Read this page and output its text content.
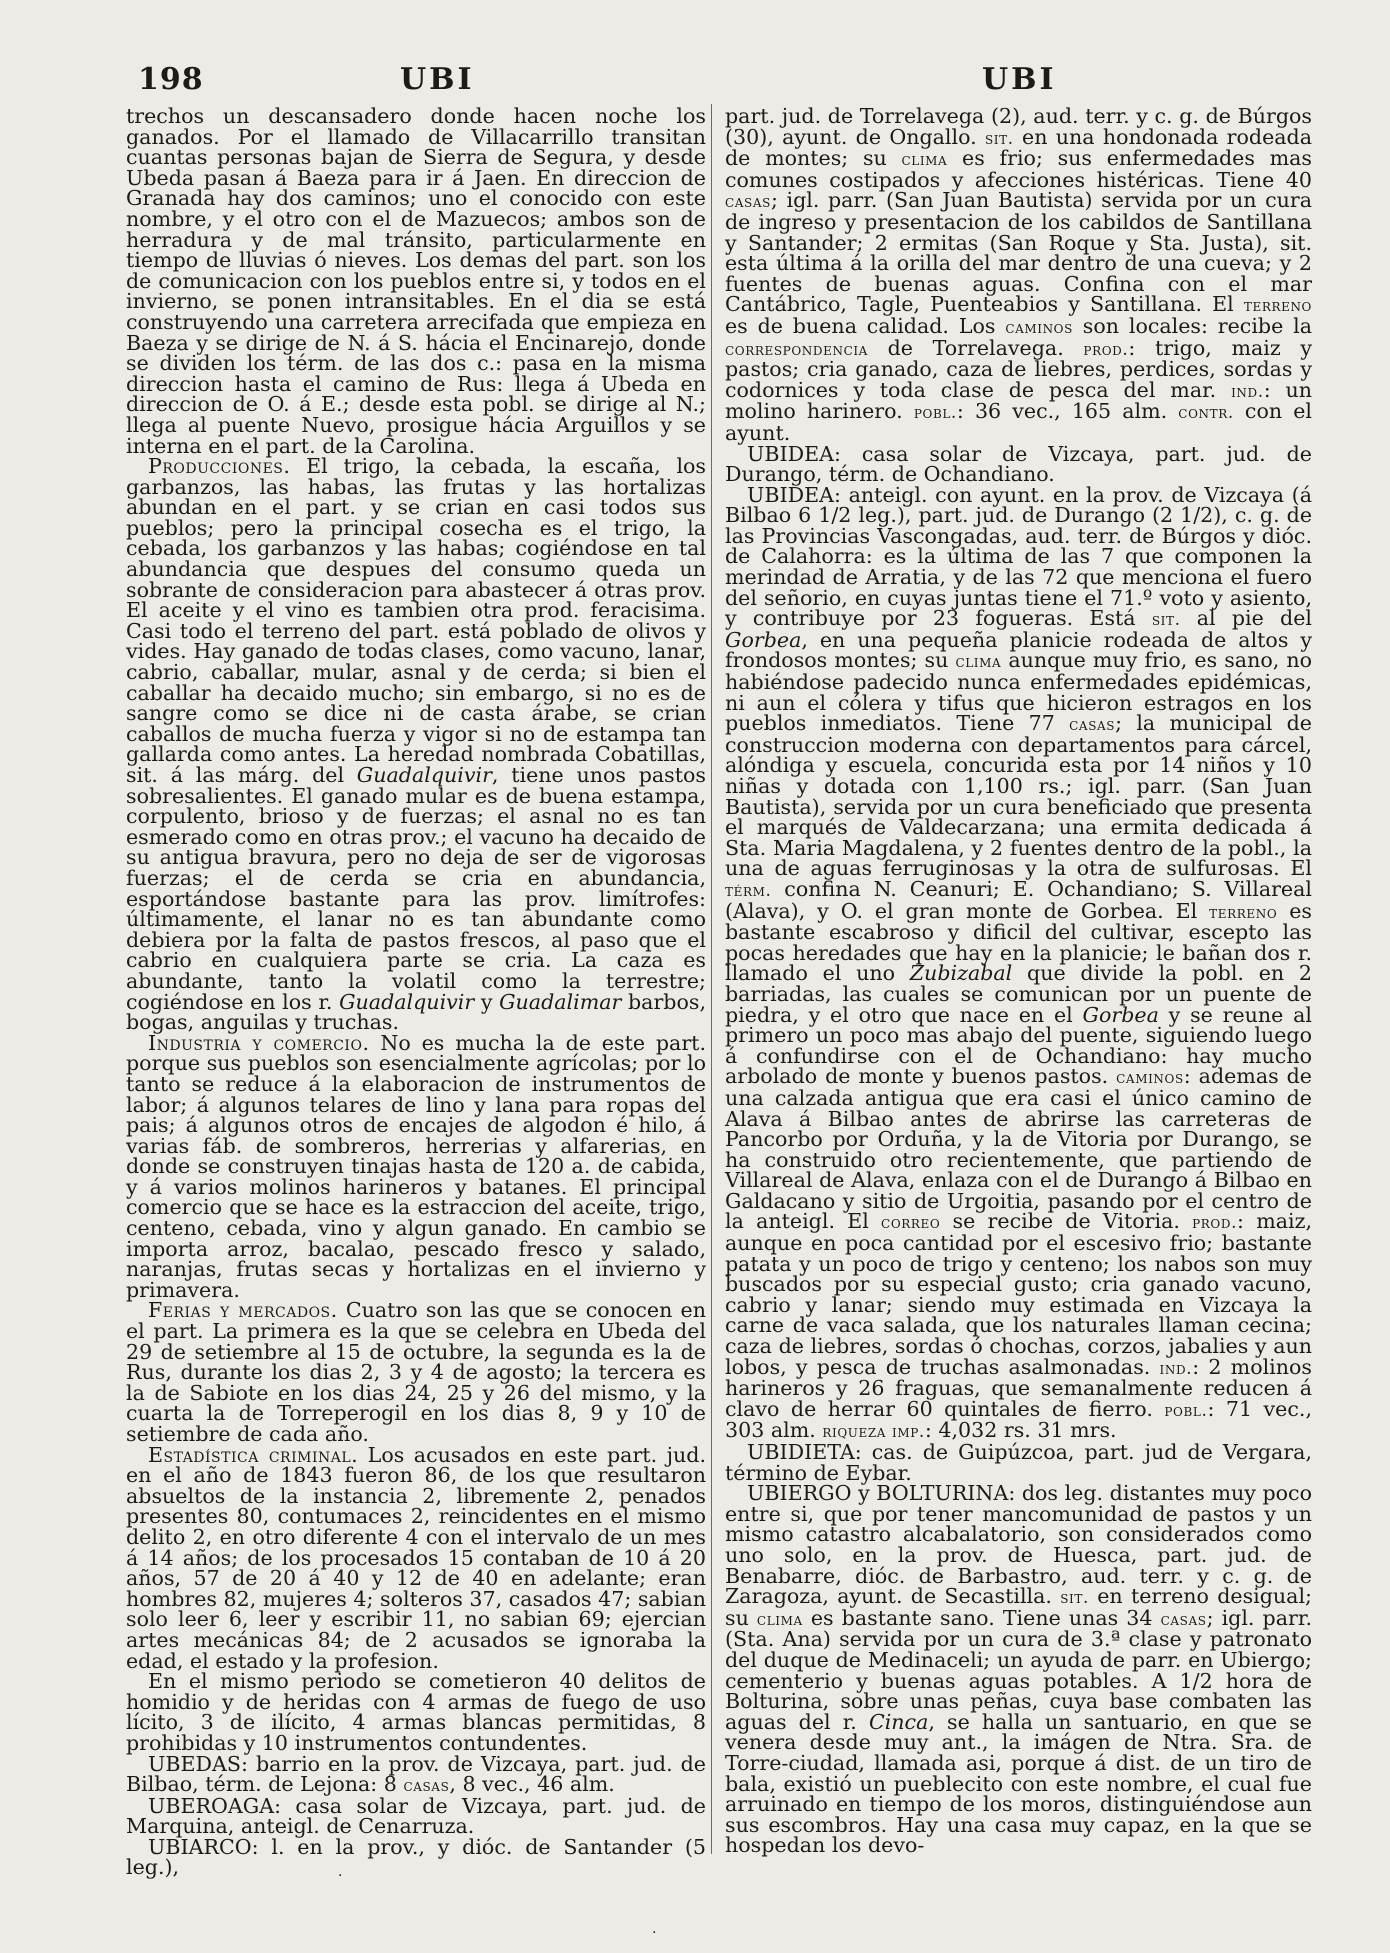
198	UBI	UBI

trechos un descansadero donde hacen noche los ganados. Por el llamado de Villacarrillo transitan cuantas personas bajan de Sierra de Segura, y desde Ubeda pasan á Baeza para ir á Jaen. En direccion de Granada hay dos caminos; uno el conocido con este nombre, y el otro con el de Mazuecos; ambos son de herradura y de mal tránsito, particularmente en tiempo de lluvias ó nieves. Los demas del part. son los de comunicacion con los pueblos entre si, y todos en el invierno, se ponen intransitables. En el dia se está construyendo una carretera arrecifada que empieza en Baeza y se dirige de N. á S. hácia el Encinarejo, donde se dividen los térm. de las dos c.: pasa en la misma direccion hasta el camino de Rus: llega á Ubeda en direccion de O. á E.; desde esta pobl. se dirige al N.; llega al puente Nuevo, prosigue hácia Arguillos y se interna en el part. de la Carolina.

Producciones. El trigo, la cebada, la escaña, los garbanzos, las habas, las frutas y las hortalizas abundan en el part. y se crian en casi todos sus pueblos; pero la principal cosecha es el trigo, la cebada, los garbanzos y las habas; cogiéndose en tal abundancia que despues del consumo queda un sobrante de consideracion para abastecer á otras prov. El aceite y el vino es tambien otra prod. feracisima. Casi todo el terreno del part. está poblado de olivos y vides. Hay ganado de todas clases, como vacuno, lanar, cabrio, caballar, mular, asnal y de cerda; si bien el caballar ha decaido mucho; sin embargo, si no es de sangre como se dice ni de casta árabe, se crian caballos de mucha fuerza y vigor si no de estampa tan gallarda como antes. La heredad nombrada Cobatillas, sit. á las márg. del Guadalquivir, tiene unos pastos sobresalientes. El ganado mular es de buena estampa, corpulento, brioso y de fuerzas; el asnal no es tan esmerado como en otras prov.; el vacuno ha decaido de su antigua bravura, pero no deja de ser de vigorosas fuerzas; el de cerda se cria en abundancia, esportándose bastante para las prov. limítrofes: últimamente, el lanar no es tan abundante como debiera por la falta de pastos frescos, al paso que el cabrio en cualquiera parte se cria. La caza es abundante, tanto la volatil como la terrestre; cogiéndose en los r. Guadalquivir y Guadalimar barbos, bogas, anguilas y truchas.

Industria y comercio. No es mucha la de este part. porque sus pueblos son esencialmente agrícolas; por lo tanto se reduce á la elaboracion de instrumentos de labor; á algunos telares de lino y lana para ropas del pais; á algunos otros de encajes de algodon é hilo, á varias fáb. de sombreros, herrerias y alfarerias, en donde se construyen tinajas hasta de 120 a. de cabida, y á varios molinos harineros y batanes. El principal comercio que se hace es la estraccion del aceite, trigo, centeno, cebada, vino y algun ganado. En cambio se importa arroz, bacalao, pescado fresco y salado, naranjas, frutas secas y hortalizas en el invierno y primavera.

Ferias y mercados. Cuatro son las que se conocen en el part. La primera es la que se celebra en Ubeda del 29 de setiembre al 15 de octubre, la segunda es la de Rus, durante los dias 2, 3 y 4 de agosto; la tercera es la de Sabiote en los dias 24, 25 y 26 del mismo, y la cuarta la de Torreperogil en los dias 8, 9 y 10 de setiembre de cada año.

Estadística criminal. Los acusados en este part. jud. en el año de 1843 fueron 86, de los que resultaron absueltos de la instancia 2, libremente 2, penados presentes 80, contumaces 2, reincidentes en el mismo delito 2, en otro diferente 4 con el intervalo de un mes á 14 años; de los procesados 15 contaban de 10 á 20 años, 57 de 20 á 40 y 12 de 40 en adelante; eran hombres 82, mujeres 4; solteros 37, casados 47; sabian solo leer 6, leer y escribir 11, no sabian 69; ejercian artes mecánicas 84; de 2 acusados se ignoraba la edad, el estado y la profesion.

En el mismo periodo se cometieron 40 delitos de homidio y de heridas con 4 armas de fuego de uso lícito, 3 de ilícito, 4 armas blancas permitidas, 8 prohibidas y 10 instrumentos contundentes.

UBEDAS: barrio en la prov. de Vizcaya, part. jud. de Bilbao, térm. de Lejona: 8 casas, 8 vec., 46 alm.

UBEROAGA: casa solar de Vizcaya, part. jud. de Marquina, anteigl. de Cenarruza.

UBIARCO: l. en la prov., y dióc. de Santander (5 leg.),

part. jud. de Torrelavega (2), aud. terr. y c. g. de Búrgos (30), ayunt. de Ongallo. sit. en una hondonada rodeada de montes; su clima es frio; sus enfermedades mas comunes costipados y afecciones histéricas. Tiene 40 casas; igl. parr. (San Juan Bautista) servida por un cura de ingreso y presentacion de los cabildos de Santillana y Santander; 2 ermitas (San Roque y Sta. Justa), sit. esta última á la orilla del mar dentro de una cueva; y 2 fuentes de buenas aguas. Confina con el mar Cantábrico, Tagle, Puenteabios y Santillana. El terreno es de buena calidad. Los caminos son locales: recibe la correspondencia de Torrelavega. prod.: trigo, maiz y pastos; cria ganado, caza de liebres, perdices, sordas y codornices y toda clase de pesca del mar. ind.: un molino harinero. pobl.: 36 vec., 165 alm. contr. con el ayunt.

UBIDEA: casa solar de Vizcaya, part. jud. de Durango, térm. de Ochandiano.

UBIDEA: anteigl. con ayunt. en la prov. de Vizcaya (á Bilbao 6 1/2 leg.), part. jud. de Durango (2 1/2), c. g. de las Provincias Vascongadas, aud. terr. de Búrgos y dióc. de Calahorra: es la última de las 7 que componen la merindad de Arratia, y de las 72 que menciona el fuero del señorio, en cuyas juntas tiene el 71.º voto y asiento, y contribuye por 23 fogueras. Está sit. al pie del Gorbea, en una pequeña planicie rodeada de altos y frondosos montes; su clima aunque muy frio, es sano, no habiéndose padecido nunca enfermedades epidémicas, ni aun el cólera y tifus que hicieron estragos en los pueblos inmediatos. Tiene 77 casas; la municipal de construccion moderna con departamentos para cárcel, alóndiga y escuela, concurida esta por 14 niños y 10 niñas y dotada con 1,100 rs.; igl. parr. (San Juan Bautista), servida por un cura beneficiado que presenta el marqués de Valdecarzana; una ermita dedicada á Sta. Maria Magdalena, y 2 fuentes dentro de la pobl., la una de aguas ferruginosas y la otra de sulfurosas. El térm. confina N. Ceanuri; E. Ochandiano; S. Villareal (Alava), y O. el gran monte de Gorbea. El terreno es bastante escabroso y dificil del cultivar, escepto las pocas heredades que hay en la planicie; le bañan dos r. llamado el uno Zubizabal que divide la pobl. en 2 barriadas, las cuales se comunican por un puente de piedra, y el otro que nace en el Gorbea y se reune al primero un poco mas abajo del puente, siguiendo luego á confundirse con el de Ochandiano: hay mucho arbolado de monte y buenos pastos. caminos: ademas de una calzada antigua que era casi el único camino de Alava á Bilbao antes de abrirse las carreteras de Pancorbo por Orduña, y la de Vitoria por Durango, se ha construido otro recientemente, que partiendo de Villareal de Alava, enlaza con el de Durango á Bilbao en Galdacano y sitio de Urgoitia, pasando por el centro de la anteigl. El correo se recibe de Vitoria. prod.: maiz, aunque en poca cantidad por el escesivo frio; bastante patata y un poco de trigo y centeno; los nabos son muy buscados por su especial gusto; cria ganado vacuno, cabrio y lanar; siendo muy estimada en Vizcaya la carne de vaca salada, que los naturales llaman cecina; caza de liebres, sordas ó chochas, corzos, jabalies y aun lobos, y pesca de truchas asalmonadas. ind.: 2 molinos harineros y 26 fraguas, que semanalmente reducen á clavo de herrar 60 quintales de fierro. pobl.: 71 vec., 303 alm. riqueza imp.: 4,032 rs. 31 mrs.

UBIDIETA: cas. de Guipúzcoa, part. jud de Vergara, término de Eybar.

UBIERGO y BOLTURINA: dos leg. distantes muy poco entre si, que por tener mancomunidad de pastos y un mismo catastro alcabalatorio, son considerados como uno solo, en la prov. de Huesca, part. jud. de Benabarre, dióc. de Barbastro, aud. terr. y c. g. de Zaragoza, ayunt. de Secastilla. sit. en terreno desigual; su clima es bastante sano. Tiene unas 34 casas; igl. parr. (Sta. Ana) servida por un cura de 3.ª clase y patronato del duque de Medinaceli; un ayuda de parr. en Ubiergo; cementerio y buenas aguas potables. A 1/2 hora de Bolturina, sobre unas peñas, cuya base combaten las aguas del r. Cinca, se halla un santuario, en que se venera desde muy ant., la imágen de Ntra. Sra. de Torre-ciudad, llamada asi, porque á dist. de un tiro de bala, existió un pueblecito con este nombre, el cual fue arruinado en tiempo de los moros, distinguiéndose aun sus escombros. Hay una casa muy capaz, en la que se hospedan los devo-

·
·
